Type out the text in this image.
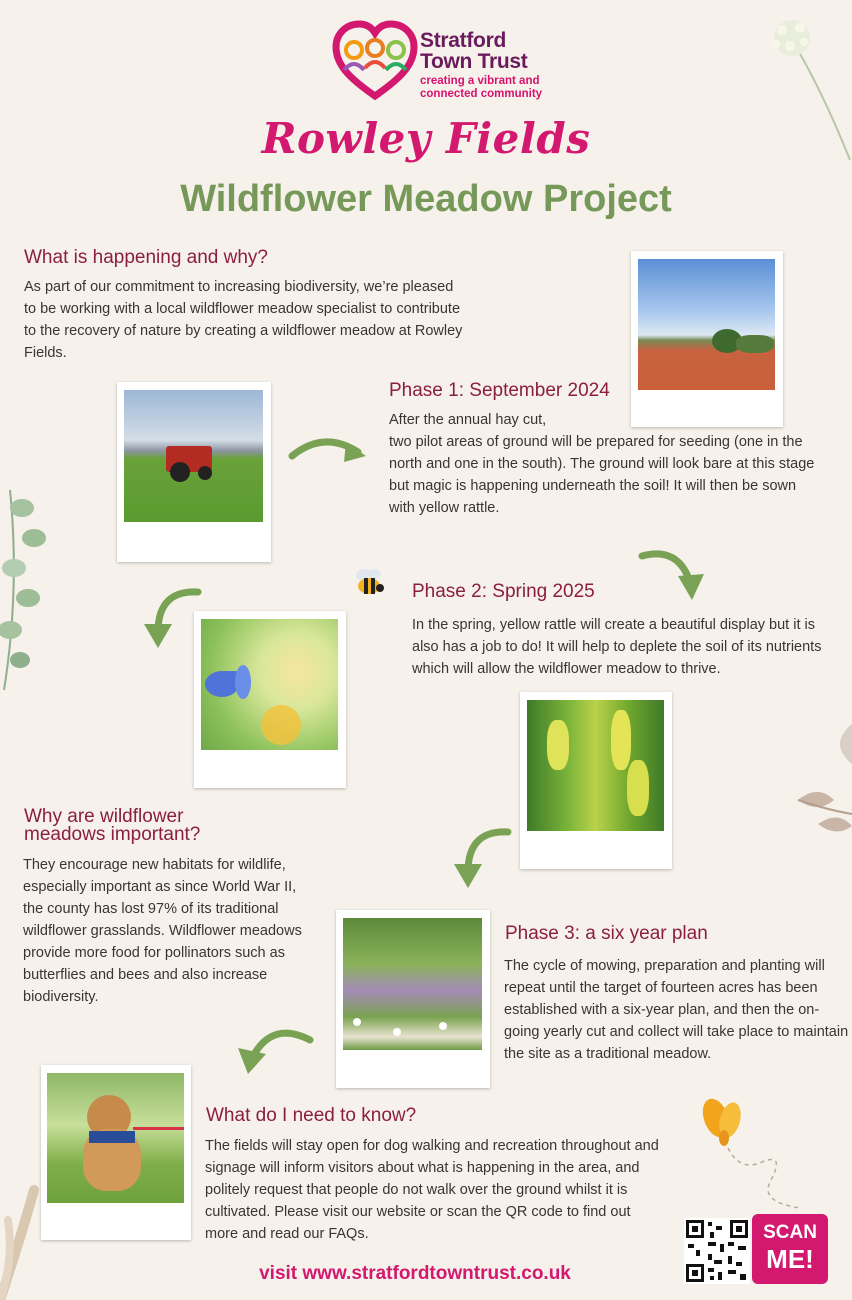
Stratford
Town Trust
creating a vibrant and
connected community
Rowley Fields
Wildflower Meadow Project
What is happening and why?
As part of our commitment to increasing biodiversity, we’re pleased to be working with a local wildflower meadow specialist to contribute to the recovery of nature by creating a wildflower meadow at Rowley Fields.
Phase 1: September 2024
After the annual hay cut,
two pilot areas of ground will be prepared for seeding (one in the north and one in the south). The ground will look bare at this stage but magic is happening underneath the soil! It will then be sown with yellow rattle.
Phase 2: Spring 2025
In the spring, yellow rattle will create a beautiful display but it is also has a job to do! It will help to deplete the soil of its nutrients which will allow the wildflower meadow to thrive.
Why are wildflower
meadows important?
They encourage new habitats for wildlife, especially important as since World War II, the county has lost 97% of its traditional wildflower grasslands. Wildflower meadows provide more food for pollinators such as butterflies and bees and also increase biodiversity.
Phase 3: a six year plan
The cycle of mowing, preparation and planting will repeat until the target of fourteen acres has been established with a six-year plan, and then the on-going yearly cut and collect will take place to maintain the site as a traditional meadow.
What do I need to know?
The fields will stay open for dog walking and recreation throughout and signage will inform visitors about what is happening in the area, and politely request that people do not walk over the ground whilst it is cultivated. Please visit our website or scan the QR code to find out more and read our FAQs.	SCAN
ME!
visit www.stratfordtowntrust.co.uk
